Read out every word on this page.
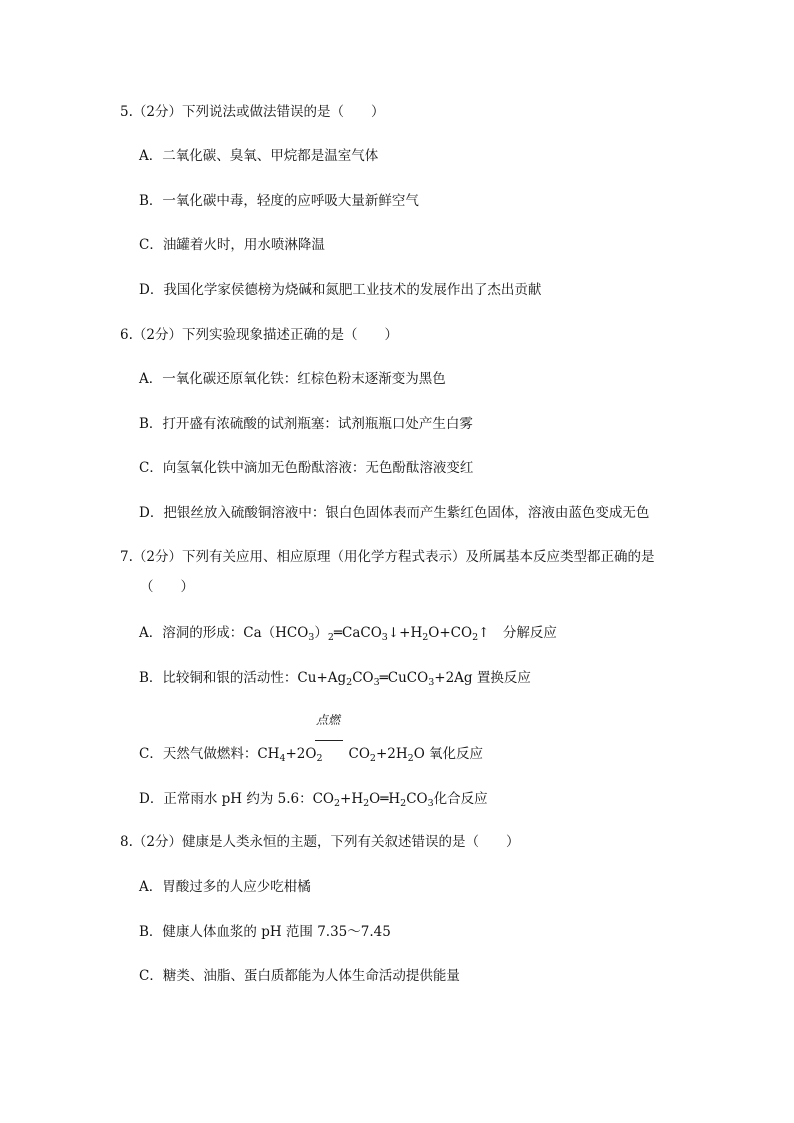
5.（2分）下列说法或做法错误的是（　　）
A．二氧化碳、臭氧、甲烷都是温室气体
B．一氧化碳中毒，轻度的应呼吸大量新鲜空气
C．油罐着火时，用水喷淋降温
D．我国化学家侯德榜为烧碱和氮肥工业技术的发展作出了杰出贡献
6.（2分）下列实验现象描述正确的是（　　）
A．一氧化碳还原氧化铁：红棕色粉末逐渐变为黑色
B．打开盛有浓硫酸的试剂瓶塞：试剂瓶瓶口处产生白雾
C．向氢氧化铁中滴加无色酚酞溶液：无色酚酞溶液变红
D．把银丝放入硫酸铜溶液中：银白色固体表而产生紫红色固体，溶液由蓝色变成无色
7.（2分）下列有关应用、相应原理（用化学方程式表示）及所属基本反应类型都正确的是
（　　）
A．溶洞的形成：$Ca(HCO_3)_2═CaCO_3↓+H_2O+CO_2↑$　分解反应
B．比较铜和银的活动性：$Cu+Ag_2CO_3═CuCO_3+2Ag$ 置换反应
点燃
C．天然气做燃料：$CH_4+2O_2$ $CO_2+2H_2O$ 氧化反应
D．正常雨水 pH 约为 5.6：$CO_2+H_2O═H_2CO_3$化合反应
8.（2分）健康是人类永恒的主题，下列有关叙述错误的是（　　）
A．胃酸过多的人应少吃柑橘
B．健康人体血浆的 pH 范围 7.35～7.45
C．糖类、油脂、蛋白质都能为人体生命活动提供能量
